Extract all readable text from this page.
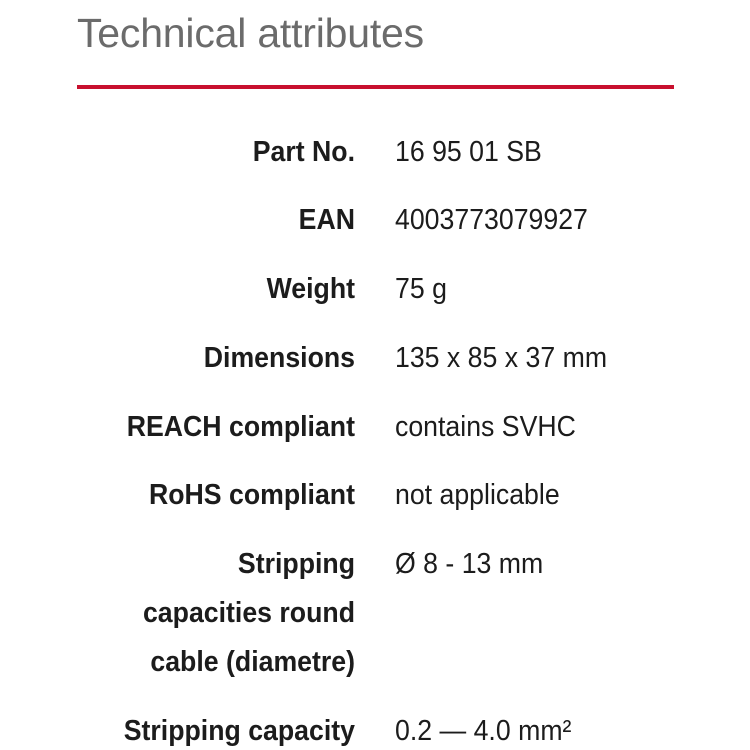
Technical attributes
Part No. 16 95 01 SB
EAN 4003773079927
Weight 75 g
Dimensions 135 x 85 x 37 mm
REACH compliant contains SVHC
RoHS compliant not applicable
Stripping
capacities round
cable (diametre)
Ø 8 - 13 mm
Stripping capacity 0.2 — 4.0 mm²
